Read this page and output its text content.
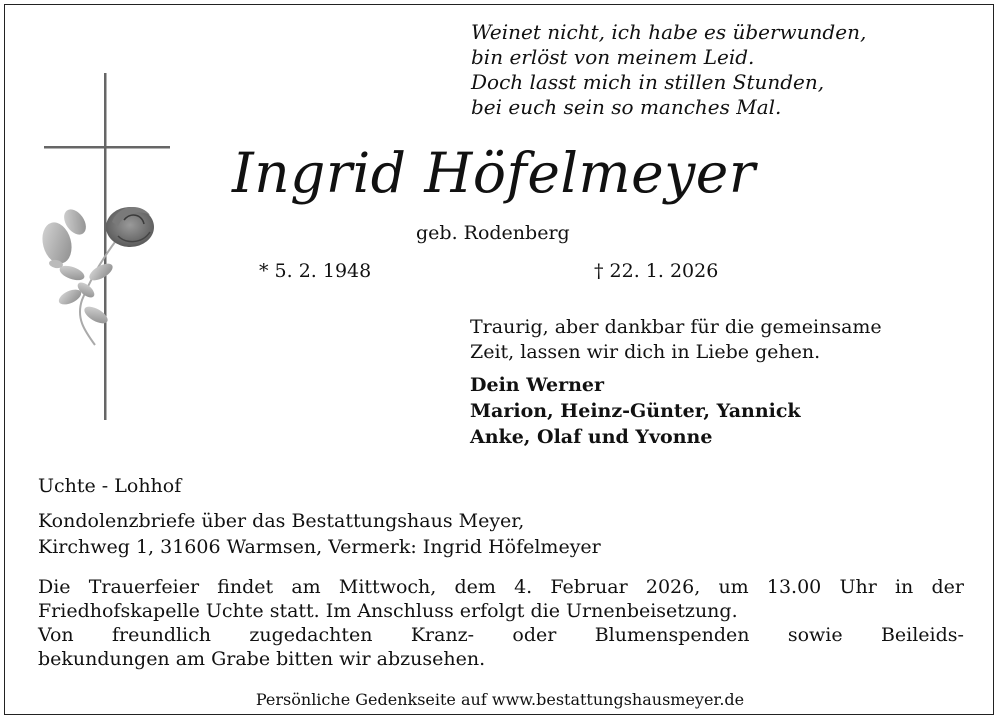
Weinet nicht, ich habe es überwunden,
bin erlöst von meinem Leid.
Doch lasst mich in stillen Stunden,
bei euch sein so manches Mal.
Ingrid Höfelmeyer
geb. Rodenberg
* 5. 2. 1948	† 22. 1. 2026
Traurig, aber dankbar für die gemeinsame
Zeit, lassen wir dich in Liebe gehen.
Dein Werner
Marion, Heinz-Günter, Yannick
Anke, Olaf und Yvonne
Uchte - Lohhof
Kondolenzbriefe über das Bestattungshaus Meyer,
Kirchweg 1, 31606 Warmsen, Vermerk: Ingrid Höfelmeyer
Die Trauerfeier findet am Mittwoch, dem 4. Februar 2026, um 13.00 Uhr in der
Friedhofskapelle Uchte statt. Im Anschluss erfolgt die Urnenbeisetzung.
Von freundlich zugedachten Kranz- oder Blumenspenden sowie Beileids-
bekundungen am Grabe bitten wir abzusehen.
Persönliche Gedenkseite auf www.bestattungshausmeyer.de
